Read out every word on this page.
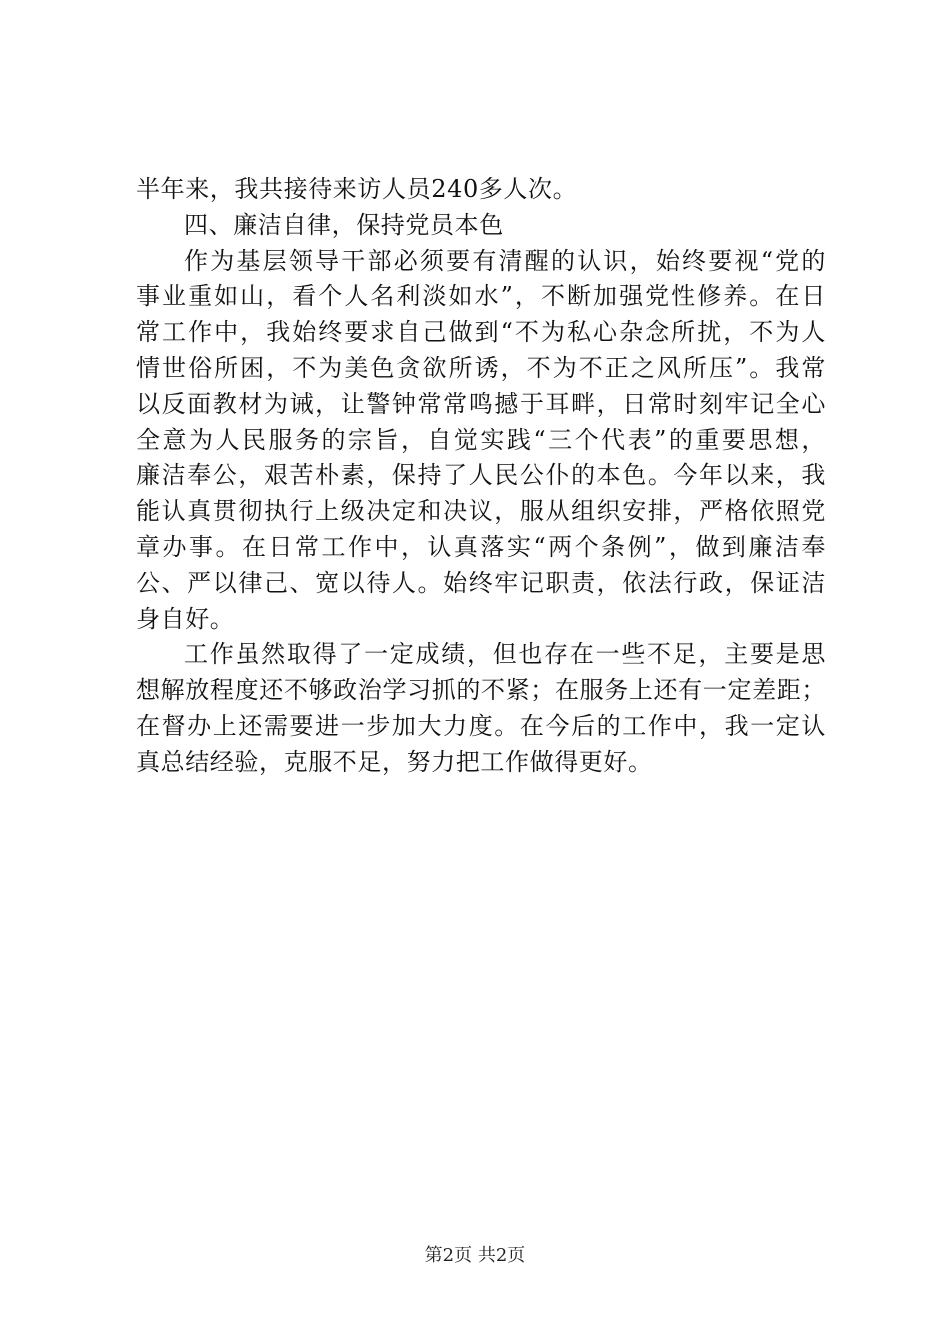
半年来，我共接待来访人员240多人次。
四、廉洁自律，保持党员本色
作为基层领导干部必须要有清醒的认识，始终要视“党的
事业重如山，看个人名利淡如水”，不断加强党性修养。在日
常工作中，我始终要求自己做到“不为私心杂念所扰，不为人
情世俗所困，不为美色贪欲所诱，不为不正之风所压”。我常
以反面教材为诫，让警钟常常鸣撼于耳畔，日常时刻牢记全心
全意为人民服务的宗旨，自觉实践“三个代表”的重要思想，
廉洁奉公，艰苦朴素，保持了人民公仆的本色。今年以来，我
能认真贯彻执行上级决定和决议，服从组织安排，严格依照党
章办事。在日常工作中，认真落实“两个条例”，做到廉洁奉
公、严以律己、宽以待人。始终牢记职责，依法行政，保证洁
身自好。
工作虽然取得了一定成绩，但也存在一些不足，主要是思
想解放程度还不够政治学习抓的不紧；在服务上还有一定差距；
在督办上还需要进一步加大力度。在今后的工作中，我一定认
真总结经验，克服不足，努力把工作做得更好。
第2页 共2页
